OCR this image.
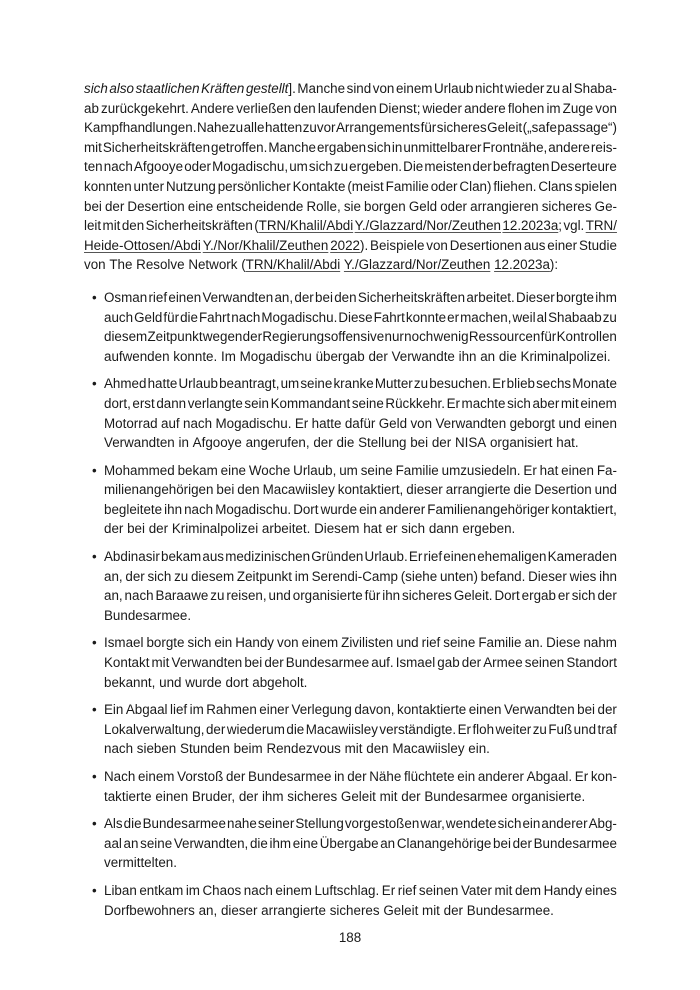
sich also staatlichen Kräften gestellt]. Manche sind von einem Urlaub nicht wieder zu al Shaba-
ab zurückgekehrt. Andere verließen den laufenden Dienst; wieder andere flohen im Zuge von
Kampfhandlungen. Nahezu alle hatten zuvor Arrangements für sicheres Geleit („safe passage“)
mit Sicherheitskräften getroffen. Manche ergaben sich in unmittelbarer Frontnähe, andere reis-
ten nach Afgooye oder Mogadischu, um sich zu ergeben. Die meisten der befragten Deserteure
konnten unter Nutzung persönlicher Kontakte (meist Familie oder Clan) fliehen. Clans spielen
bei der Desertion eine entscheidende Rolle, sie borgen Geld oder arrangieren sicheres Ge-
leit mit den Sicherheitskräften (TRN/Khalil/Abdi Y./Glazzard/Nor/Zeuthen 12.2023a; vgl. TRN/
Heide-Ottosen/Abdi Y./Nor/Khalil/Zeuthen 2022). Beispiele von Desertionen aus einer Studie
von The Resolve Network (TRN/Khalil/Abdi Y./Glazzard/Nor/Zeuthen 12.2023a):
• Osman rief einen Verwandten an, der bei den Sicherheitskräften arbeitet. Dieser borgte ihm
auch Geld für die Fahrt nach Mogadischu. Diese Fahrt konnte er machen, weil al Shabaab zu
diesem Zeitpunkt wegen der Regierungsoffensive nur noch wenig Ressourcen für Kontrollen
aufwenden konnte. Im Mogadischu übergab der Verwandte ihn an die Kriminalpolizei.
• Ahmed hatte Urlaub beantragt, um seine kranke Mutter zu besuchen. Er blieb sechs Monate
dort, erst dann verlangte sein Kommandant seine Rückkehr. Er machte sich aber mit einem
Motorrad auf nach Mogadischu. Er hatte dafür Geld von Verwandten geborgt und einen
Verwandten in Afgooye angerufen, der die Stellung bei der NISA organisiert hat.
• Mohammed bekam eine Woche Urlaub, um seine Familie umzusiedeln. Er hat einen Fa-
milienangehörigen bei den Macawiisley kontaktiert, dieser arrangierte die Desertion und
begleitete ihn nach Mogadischu. Dort wurde ein anderer Familienangehöriger kontaktiert,
der bei der Kriminalpolizei arbeitet. Diesem hat er sich dann ergeben.
• Abdinasir bekam aus medizinischen Gründen Urlaub. Er rief einen ehemaligen Kameraden
an, der sich zu diesem Zeitpunkt im Serendi-Camp (siehe unten) befand. Dieser wies ihn
an, nach Baraawe zu reisen, und organisierte für ihn sicheres Geleit. Dort ergab er sich der
Bundesarmee.
• Ismael borgte sich ein Handy von einem Zivilisten und rief seine Familie an. Diese nahm
Kontakt mit Verwandten bei der Bundesarmee auf. Ismael gab der Armee seinen Standort
bekannt, und wurde dort abgeholt.
• Ein Abgaal lief im Rahmen einer Verlegung davon, kontaktierte einen Verwandten bei der
Lokalverwaltung, der wiederum die Macawiisley verständigte. Er floh weiter zu Fuß und traf
nach sieben Stunden beim Rendezvous mit den Macawiisley ein.
• Nach einem Vorstoß der Bundesarmee in der Nähe flüchtete ein anderer Abgaal. Er kon-
taktierte einen Bruder, der ihm sicheres Geleit mit der Bundesarmee organisierte.
• Als die Bundesarmee nahe seiner Stellung vorgestoßen war, wendete sich ein anderer Abg-
aal an seine Verwandten, die ihm eine Übergabe an Clanangehörige bei der Bundesarmee
vermittelten.
• Liban entkam im Chaos nach einem Luftschlag. Er rief seinen Vater mit dem Handy eines
Dorfbewohners an, dieser arrangierte sicheres Geleit mit der Bundesarmee.
188
